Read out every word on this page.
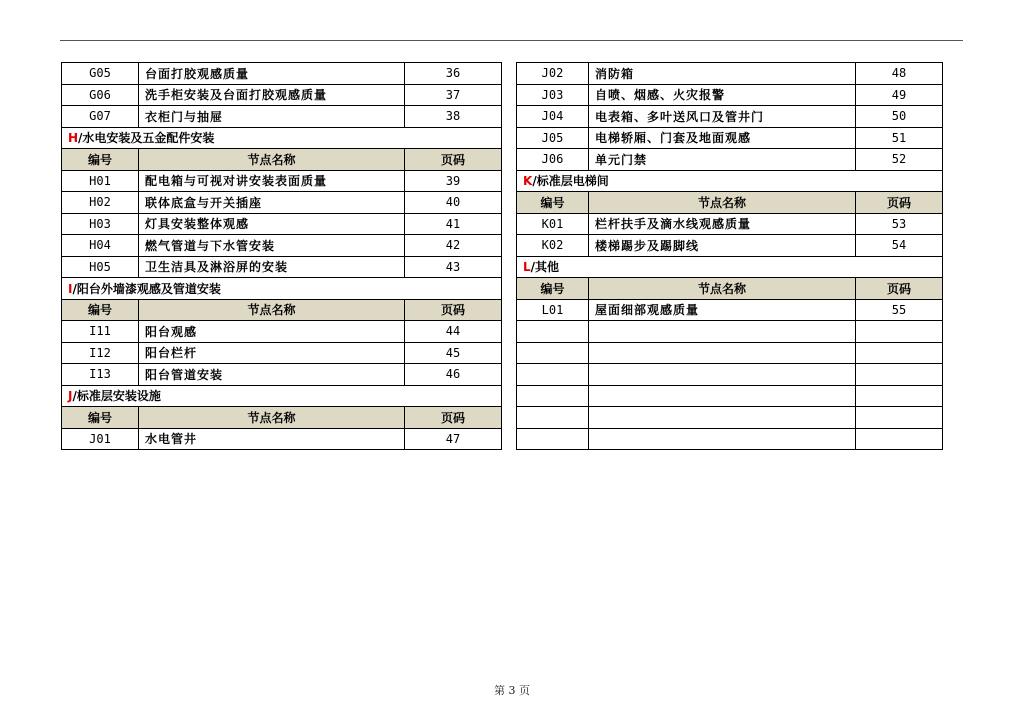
G05	台面打胶观感质量	36
G06	洗手柜安装及台面打胶观感质量	37
G07	衣柜门与抽屉	38
H/水电安装及五金配件安装		
编号	节点名称	页码
H01	配电箱与可视对讲安装表面质量	39
H02	联体底盒与开关插座	40
H03	灯具安装整体观感	41
H04	燃气管道与下水管安装	42
H05	卫生洁具及淋浴屏的安装	43
I/阳台外墙漆观感及管道安装		
编号	节点名称	页码
I11	阳台观感	44
I12	阳台栏杆	45
I13	阳台管道安装	46
J/标准层安装设施		
编号	节点名称	页码
J01	水电管井	47
J02	消防箱	48
J03	自喷、烟感、火灾报警	49
J04	电表箱、多叶送风口及管井门	50
J05	电梯轿厢、门套及地面观感	51
J06	单元门禁	52
K/标准层电梯间		
编号	节点名称	页码
K01	栏杆扶手及滴水线观感质量	53
K02	楼梯踢步及踢脚线	54
L/其他		
编号	节点名称	页码
L01	屋面细部观感质量	55

第 3 页
